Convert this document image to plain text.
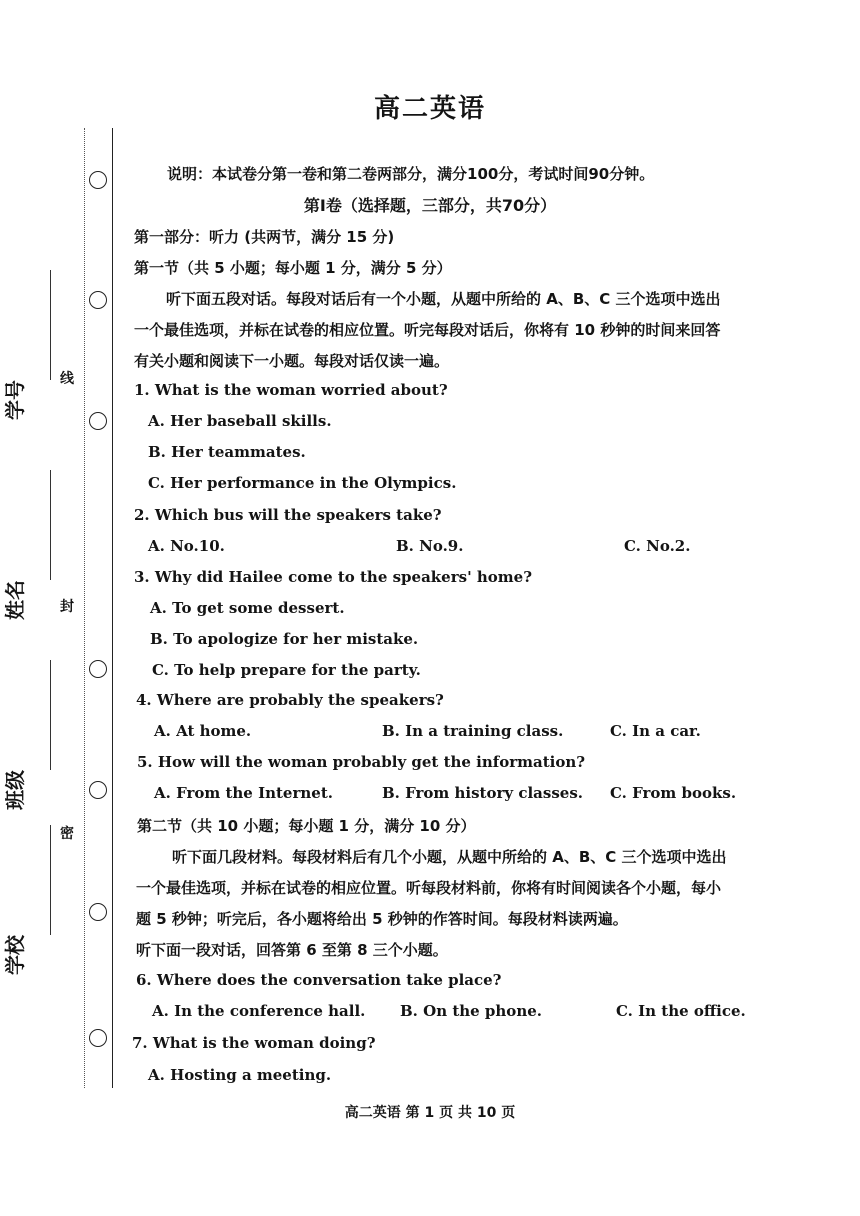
学号
姓名
班级
学校
线
封
密
高二英语
说明：本试卷分第一卷和第二卷两部分，满分100分，考试时间90分钟。
第Ⅰ卷（选择题，三部分，共70分）
第一部分：听力 (共两节，满分 15 分)
第一节（共 5 小题；每小题 1 分，满分 5 分）
听下面五段对话。每段对话后有一个小题，从题中所给的 A、B、C 三个选项中选出
一个最佳选项，并标在试卷的相应位置。听完每段对话后，你将有 10 秒钟的时间来回答
有关小题和阅读下一小题。每段对话仅读一遍。
1. What is the woman worried about?
A. Her baseball skills.
B. Her teammates.
C. Her performance in the Olympics.
2. Which bus will the speakers take?
A. No.10.	B. No.9.	C. No.2.
3. Why did Hailee come to the speakers' home?
A. To get some dessert.
B. To apologize for her mistake.
C. To help prepare for the party.
4. Where are probably the speakers?
A. At home.	B. In a training class.	C. In a car.
5. How will the woman probably get the information?
A. From the Internet.	B. From history classes. C. From books.
第二节（共 10 小题；每小题 1 分，满分 10 分）
听下面几段材料。每段材料后有几个小题，从题中所给的 A、B、C 三个选项中选出
一个最佳选项，并标在试卷的相应位置。听每段材料前，你将有时间阅读各个小题，每小
题 5 秒钟；听完后，各小题将给出 5 秒钟的作答时间。每段材料读两遍。
听下面一段对话，回答第 6 至第 8 三个小题。
6. Where does the conversation take place?
A. In the conference hall. B. On the phone.	C. In the office.
7. What is the woman doing?
A. Hosting a meeting.
高二英语 第 1 页 共 10 页
